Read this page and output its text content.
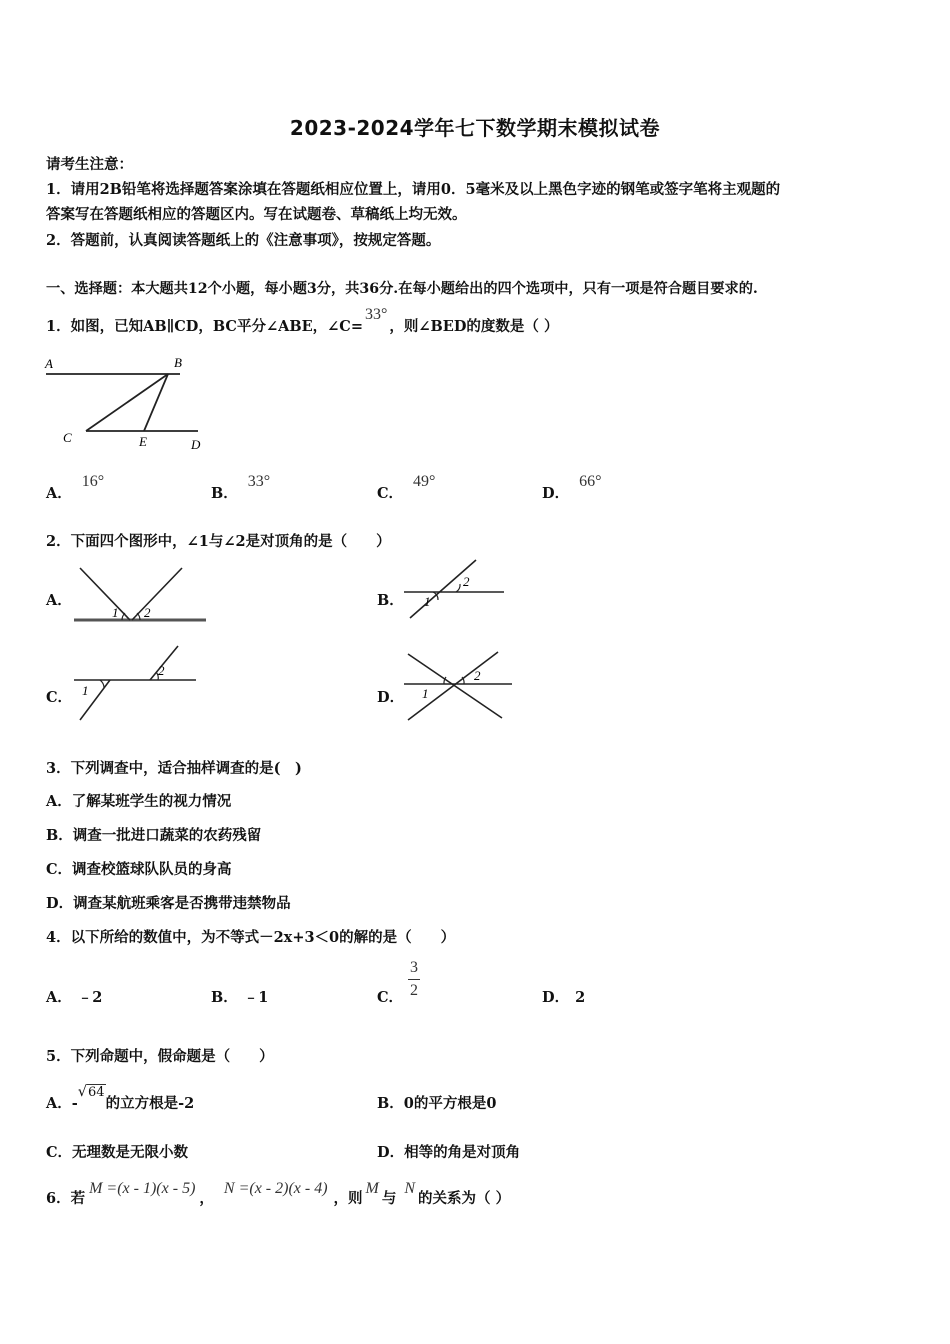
2023-2024学年七下数学期末模拟试卷
请考生注意：
1．请用2B铅笔将选择题答案涂填在答题纸相应位置上，请用0．5毫米及以上黑色字迹的钢笔或签字笔将主观题的
答案写在答题纸相应的答题区内。写在试题卷、草稿纸上均无效。
2．答题前，认真阅读答题纸上的《注意事项》，按规定答题。
一、选择题：本大题共12个小题，每小题3分，共36分.在每小题给出的四个选项中，只有一项是符合题目要求的.
1．如图，已知AB∥CD，BC平分∠ABE，∠C=33°，则∠BED的度数是（ ）
A	B
C	E	D
A．16°
B．33°
C．49°
D．66°
2．下面四个图形中，∠1与∠2是对顶角的是（　　）
A．
1 2
B． 1
2
C． 1
2
D． 1
2
3．下列调查中，适合抽样调查的是(　)
A．了解某班学生的视力情况
B．调查一批进口蔬菜的农药残留
C．调查校篮球队队员的身高
D．调查某航班乘客是否携带违禁物品
4．以下所给的数值中，为不等式－2x+3＜0的解的是（　　）
A． ﹣2	B． ﹣1	C．
3
2	D． 2
5．下列命题中，假命题是（　　）
A．-√64的立方根是-2	B．0的平方根是0
C．无理数是无限小数	D．相等的角是对顶角
6．若M =(x - 1)(x - 5)，N =(x - 2)(x - 4)，则M与N的关系为（ ）
